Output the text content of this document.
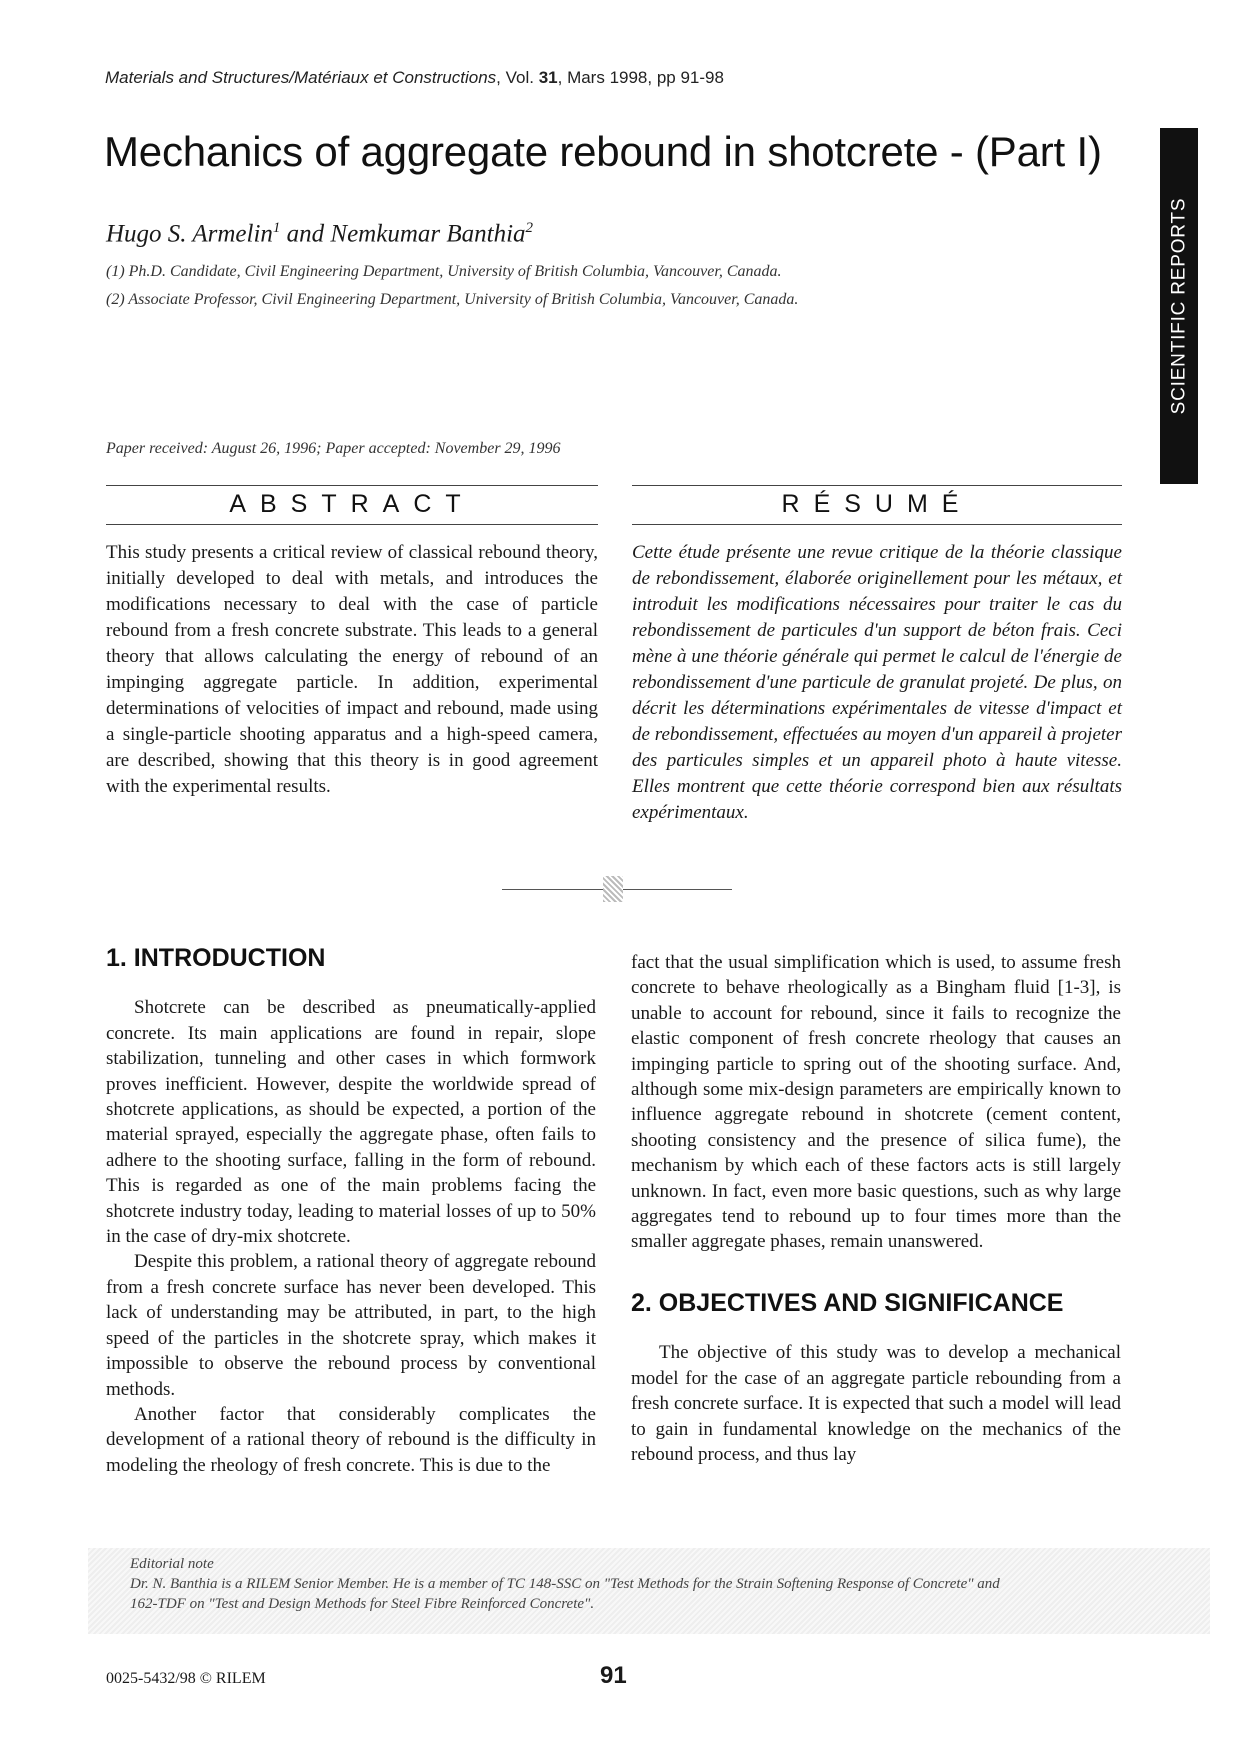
Materials and Structures/Matériaux et Constructions, Vol. 31, Mars 1998, pp 91-98
Mechanics of aggregate rebound in shotcrete - (Part I)
Hugo S. Armelin$^1$ and Nemkumar Banthia$^2$
(1) Ph.D. Candidate, Civil Engineering Department, University of British Columbia, Vancouver, Canada.
(2) Associate Professor, Civil Engineering Department, University of British Columbia, Vancouver, Canada.
Paper received: August 26, 1996; Paper accepted: November 29, 1996
SCIENTIFIC REPORTS
ABSTRACT
This study presents a critical review of classical rebound theory, initially developed to deal with metals, and introduces the modifications necessary to deal with the case of particle rebound from a fresh concrete substrate. This leads to a general theory that allows calculating the energy of rebound of an impinging aggregate particle. In addition, experimental determinations of velocities of impact and rebound, made using a single-particle shooting apparatus and a high-speed camera, are described, showing that this theory is in good agreement with the experimental results.
RÉSUMÉ
Cette étude présente une revue critique de la théorie classique de rebondissement, élaborée originellement pour les métaux, et introduit les modifications nécessaires pour traiter le cas du rebondissement de particules d'un support de béton frais. Ceci mène à une théorie générale qui permet le calcul de l'énergie de rebondissement d'une particule de granulat projeté. De plus, on décrit les déterminations expérimentales de vitesse d'impact et de rebondissement, effectuées au moyen d'un appareil à projeter des particules simples et un appareil photo à haute vitesse. Elles montrent que cette théorie correspond bien aux résultats expérimentaux.
1. INTRODUCTION

Shotcrete can be described as pneumatically-applied concrete. Its main applications are found in repair, slope stabilization, tunneling and other cases in which formwork proves inefficient. However, despite the worldwide spread of shotcrete applications, as should be expected, a portion of the material sprayed, especially the aggregate phase, often fails to adhere to the shooting surface, falling in the form of rebound. This is regarded as one of the main problems facing the shotcrete industry today, leading to material losses of up to 50% in the case of dry-mix shotcrete.

Despite this problem, a rational theory of aggregate rebound from a fresh concrete surface has never been developed. This lack of understanding may be attributed, in part, to the high speed of the particles in the shotcrete spray, which makes it impossible to observe the rebound process by conventional methods.

Another factor that considerably complicates the development of a rational theory of rebound is the difficulty in modeling the rheology of fresh concrete. This is due to the

fact that the usual simplification which is used, to assume fresh concrete to behave rheologically as a Bingham fluid [1-3], is unable to account for rebound, since it fails to recognize the elastic component of fresh concrete rheology that causes an impinging particle to spring out of the shooting surface. And, although some mix-design parameters are empirically known to influence aggregate rebound in shotcrete (cement content, shooting consistency and the presence of silica fume), the mechanism by which each of these factors acts is still largely unknown. In fact, even more basic questions, such as why large aggregates tend to rebound up to four times more than the smaller aggregate phases, remain unanswered.

2. OBJECTIVES AND SIGNIFICANCE

The objective of this study was to develop a mechanical model for the case of an aggregate particle rebounding from a fresh concrete surface. It is expected that such a model will lead to gain in fundamental knowledge on the mechanics of the rebound process, and thus lay

Editorial note
Dr. N. Banthia is a RILEM Senior Member. He is a member of TC 148-SSC on "Test Methods for the Strain Softening Response of Concrete" and
162-TDF on "Test and Design Methods for Steel Fibre Reinforced Concrete".
0025-5432/98 © RILEM	91
